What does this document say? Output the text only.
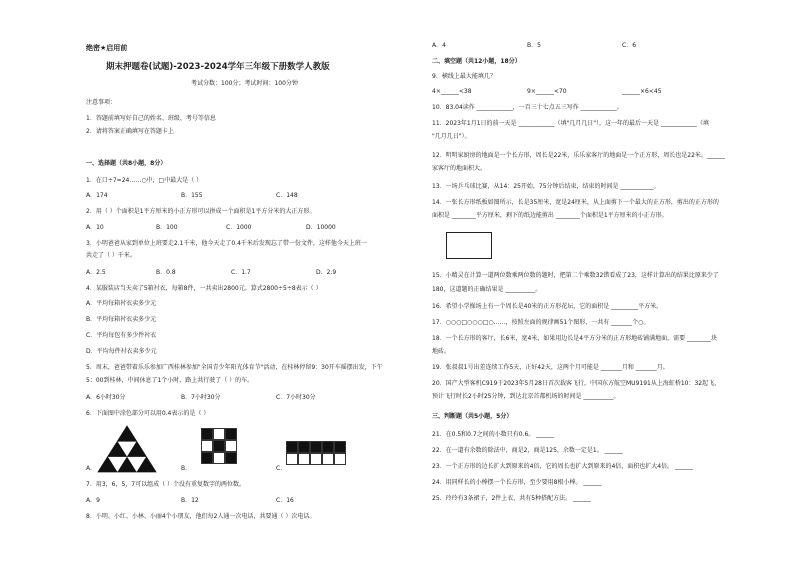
绝密★启用前
期末押题卷(试题)-2023-2024学年三年级下册数学人教版
考试分数：100分；考试时间：100分钟
注意事项：
1．答题前填写好自己的姓名、班级、考号等信息
2．请将答案正确填写在答题卡上
一、选择题（共8小题，8分）
1．在口÷7=24……○中，□中最大是（ ）
A．174	B．155	C．148
2．用（ ）个面积是1平方厘米的小正方形可以拼成一个面积是1平方分米的大正方形。
A．10	B．100	C．1000	D．10000
3．小明爸爸从家到单位上班要走2.1千米，他今天走了0.4千米后发现忘了带一份文件，这样他今天上班一
共走了（ ）千米。
A．2.5	B．0.8	C．1.7	D．2.9
4．某服装店当天卖了5箱衬衣，每箱8件，一共卖出2800元。算式2800÷5÷8表示（ ）
A．平均每箱衬衣卖多少元
B．平均每箱衬衣卖多少元
C．平均每包有多少件衬衣
D．平均每件衬衣卖多少元
5．周末，爸爸带着乐乐参加广西桂林参加"全国青少年阳光体育节"活动，在桂林停留9：30开车摇摆出发，下午
5：00到桂林，中间休息了1个小时，路上共行驶了（ ）的车。
A．6小时30分	B．7小时30分	C．7小时30分
6．下面图中涂色部分可以用0.4表示的是（ ）
A．	B．	C．
7．用3，6，5，7可以组成（ ）个没有重复数字的两位数。
A．9	B．12	C．16
8．小明、小红、小林、小丽4个小朋友，他们每2人通一次电话，共要通（ ）次电话。
A．4	B．5	C．6
二、填空题（共12小题，18分）
9．横线上最大能填几？
4×______<38	9×______<70	______×6<45
10．83.04读作 ____________，一百三十七点五三写作 ____________。
11．2023年1月1日的前一天是 ____________（填"几月几日"），这一年的最后一天是 ____________（填
"几月几日"）。
12．明明家厨房的地面是一个长方形，周长是22米，乐乐家客厅的地面是一个正方形，周长也是22米。______
家客厅的地面积大。
13．一场乒乓球比赛，从14：25开始，75分钟后结束，结束的时间是 ___________。
14．一张长方形纸板如图所示，长是35厘米，宽是24厘米，从上面剪下一个最大的正方形，剪出的正方形的
面积是 ________平方厘米，剩下的纸边能剪出 ________个面积是1平方厘米的小正方形。
15．小精灵在计算一道两位数乘两位数的题时，把第二个乘数32错看成了23，这样计算出的结果比原来少了
180，这道题的正确结果是 __________。
16．希望小学操场上有一个周长是40米的正方形花坛，它的面积是 _________平方米。
17．○○○□○○○□○……，按照左面的规律画51个图形，一共有 _______个○。
18．一个长方形的客厅，长6米，宽4米，如果用边长是4平方分米的正方形地砖铺满地面，需要 ________块
地砖。
19．张叔叔1号出差连续工作5天，正好42天，这两个月可能是 _______月和 _______月。
20．国产大型客机C919于2023年5月28日首次载客飞行，中国东方航空MU9191从上海虹桥10：32起飞，
预计飞行时长2小时25分钟，到达北京首都机场的时间是 __________。
三、判断题（共5小题，5分）
21．在0.5和0.7之间的小数只有0.6。 ______
22．在一道有余数的除法中，商是2，商是125，余数一定是1。 ______
23．一个正方形的边长扩大到原来的4倍，它的周长也扩大到原来的4倍，面积也扩大4倍。 ______
24．用同样长的小棒摆一个长方形，至少要用8根小棒。 ______
25．玲玲有3条裙子，2件上衣，共有5种搭配方法。 ______
